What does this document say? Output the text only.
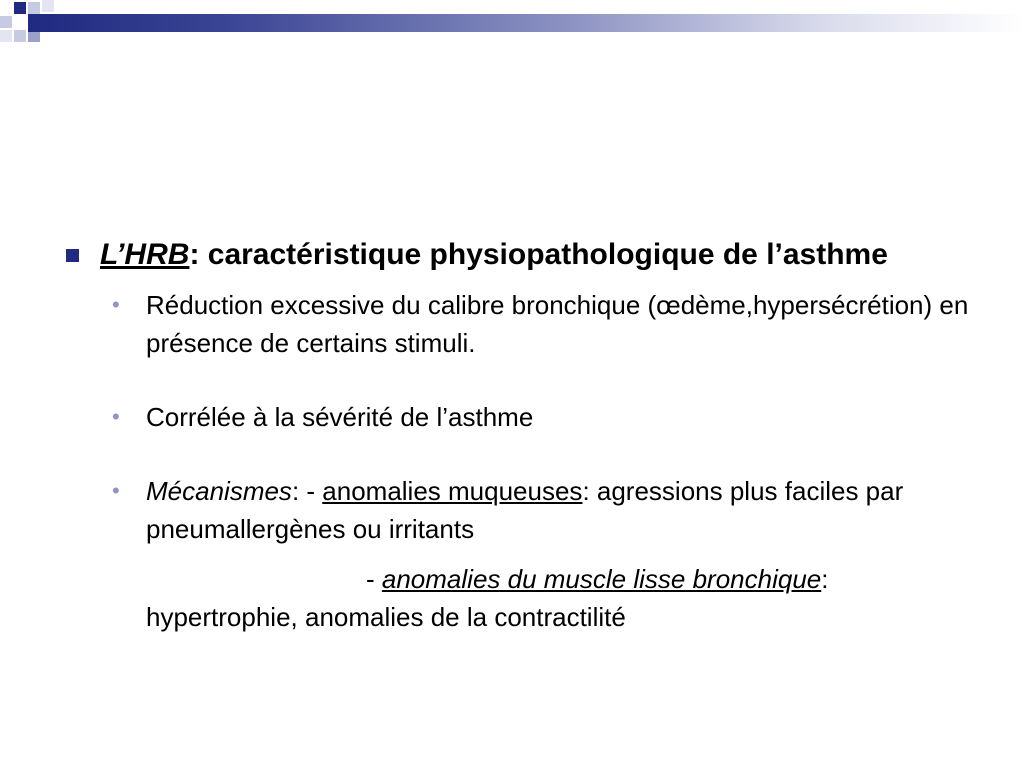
L’HRB: caractéristique physiopathologique de l’asthme
• Réduction excessive du calibre bronchique (œdème,hypersécrétion) en présence de certains stimuli.
• Corrélée à la sévérité de l’asthme
• Mécanismes: - anomalies muqueuses: agressions plus faciles par pneumallergènes ou irritants
- anomalies du muscle lisse bronchique:
hypertrophie, anomalies de la contractilité
